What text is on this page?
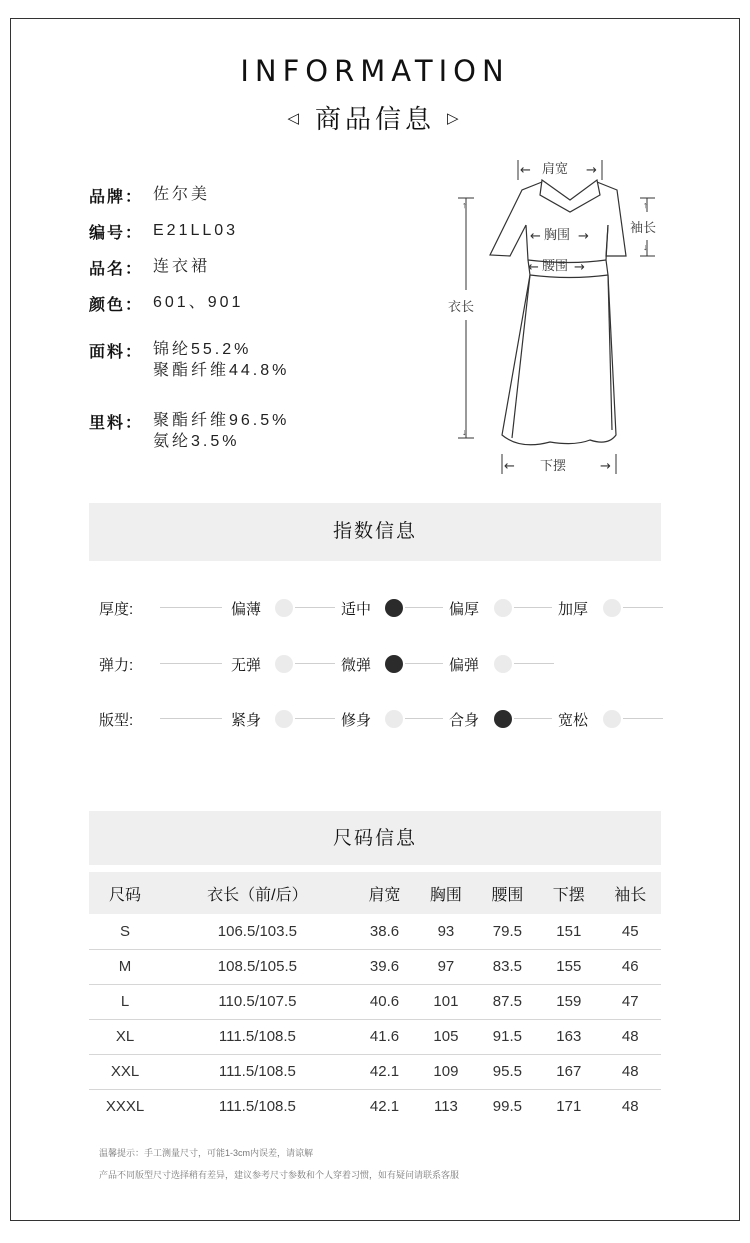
INFORMATION
◁ 商品信息 ▷
品牌： 佐尔美
编号： E21LL03
品名： 连衣裙
颜色： 601、901
面料： 锦纶55.2%
聚酯纤维44.8%
里料： 聚酯纤维96.5%
氨纶3.5%
← 肩宽 →
袖长
← 胸围 →
← 腰围 →
衣长
← 下摆	→
↑
↓
↑
↓
指数信息
厚度:	偏薄	适中	偏厚	加厚
弹力:	无弹	微弹	偏弹
版型:	紧身	修身	合身	宽松
尺码信息
尺码	衣长（前/后）	肩宽	胸围	腰围	下摆	袖长
S	106.5/103.5	38.6	93	79.5	151	45
M	108.5/105.5	39.6	97	83.5	155	46
L	110.5/107.5	40.6	101	87.5	159	47
XL	111.5/108.5	41.6	105	91.5	163	48
XXL	111.5/108.5	42.1	109	95.5	167	48
XXXL	111.5/108.5	42.1	113	99.5	171	48
温馨提示：手工测量尺寸，可能1-3cm内误差，请谅解
产品不同版型尺寸选择稍有差异，建议参考尺寸参数和个人穿着习惯，如有疑问请联系客服
